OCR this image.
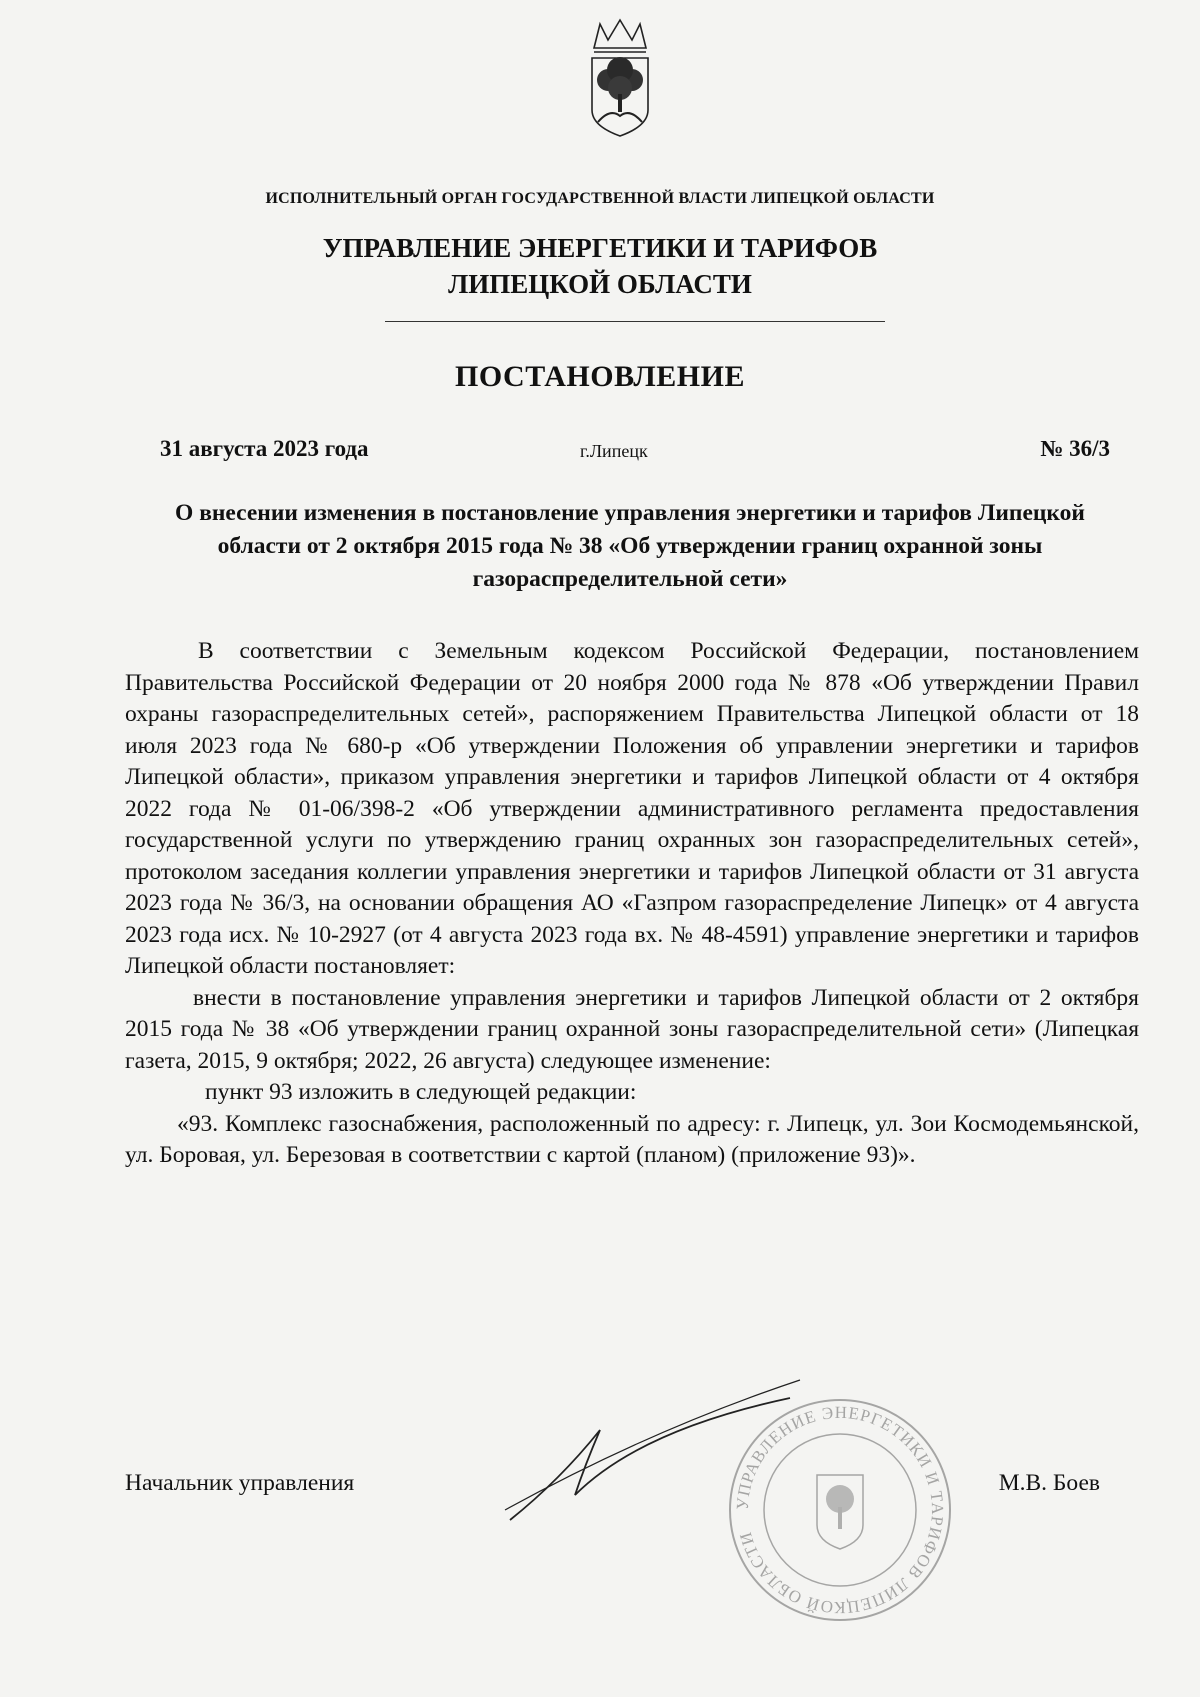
ИСПОЛНИТЕЛЬНЫЙ ОРГАН ГОСУДАРСТВЕННОЙ ВЛАСТИ ЛИПЕЦКОЙ ОБЛАСТИ
УПРАВЛЕНИЕ ЭНЕРГЕТИКИ И ТАРИФОВ
ЛИПЕЦКОЙ ОБЛАСТИ
ПОСТАНОВЛЕНИЕ
31 августа 2023 года	г.Липецк	№ 36/3
О внесении изменения в постановление управления энергетики и тарифов Липецкой области от 2 октября 2015 года № 38 «Об утверждении границ охранной зоны газораспределительной сети»

В соответствии с Земельным кодексом Российской Федерации, постановлением Правительства Российской Федерации от 20 ноября 2000 года № 878 «Об утверждении Правил охраны газораспределительных сетей», распоряжением Правительства Липецкой области от 18 июля 2023 года № 680-р «Об утверждении Положения об управлении энергетики и тарифов Липецкой области», приказом управления энергетики и тарифов Липецкой области от 4 октября 2022 года № 01-06/398-2 «Об утверждении административного регламента предоставления государственной услуги по утверждению границ охранных зон газораспределительных сетей», протоколом заседания коллегии управления энергетики и тарифов Липецкой области от 31 августа 2023 года № 36/3, на основании обращения АО «Газпром газораспределение Липецк» от 4 августа 2023 года исх. № 10-2927 (от 4 августа 2023 года вх. № 48-4591) управление энергетики и тарифов Липецкой области постановляет:

внести в постановление управления энергетики и тарифов Липецкой области от 2 октября 2015 года № 38 «Об утверждении границ охранной зоны газораспределительной сети» (Липецкая газета, 2015, 9 октября; 2022, 26 августа) следующее изменение:

пункт 93 изложить в следующей редакции:

«93. Комплекс газоснабжения, расположенный по адресу: г. Липецк, ул. Зои Космодемьянской, ул. Боровая, ул. Березовая в соответствии с картой (планом) (приложение 93)».

УПРАВЛЕНИЕ ЭНЕРГЕТИКИ И ТАРИФОВ ЛИПЕЦКОЙ ОБЛАСТИ
Начальник управления	М.В. Боев
